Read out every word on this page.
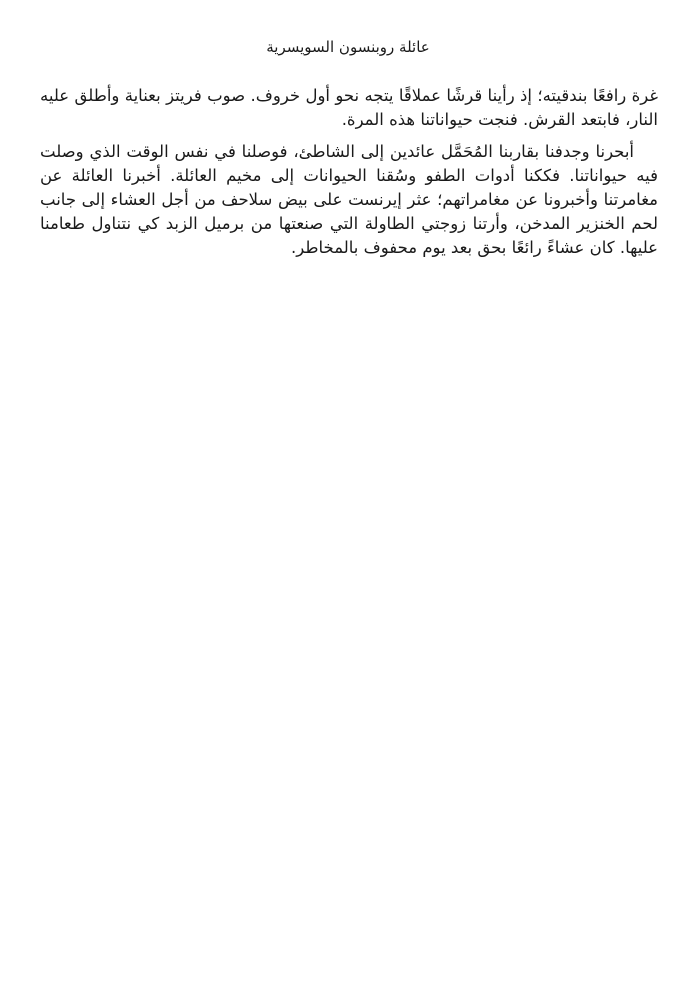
عائلة روبنسون السويسرية

غرة رافعًا بندقيته؛ إذ رأينا قرشًا عملاقًا يتجه نحو أول خروف. صوب فريتز بعناية وأطلق عليه النار، فابتعد القرش. فنجت حيواناتنا هذه المرة.

أبحرنا وجدفنا بقاربنا المُحَمَّل عائدين إلى الشاطئ، فوصلنا في نفس الوقت الذي وصلت فيه حيواناتنا. فككنا أدوات الطفو وسُقنا الحيوانات إلى مخيم العائلة. أخبرنا العائلة عن مغامرتنا وأخبرونا عن مغامراتهم؛ عثر إيرنست على بيض سلاحف من أجل العشاء إلى جانب لحم الخنزير المدخن، وأرتنا زوجتي الطاولة التي صنعتها من برميل الزبد كي نتناول طعامنا عليها. كان عشاءً رائعًا بحق بعد يوم محفوف بالمخاطر.
